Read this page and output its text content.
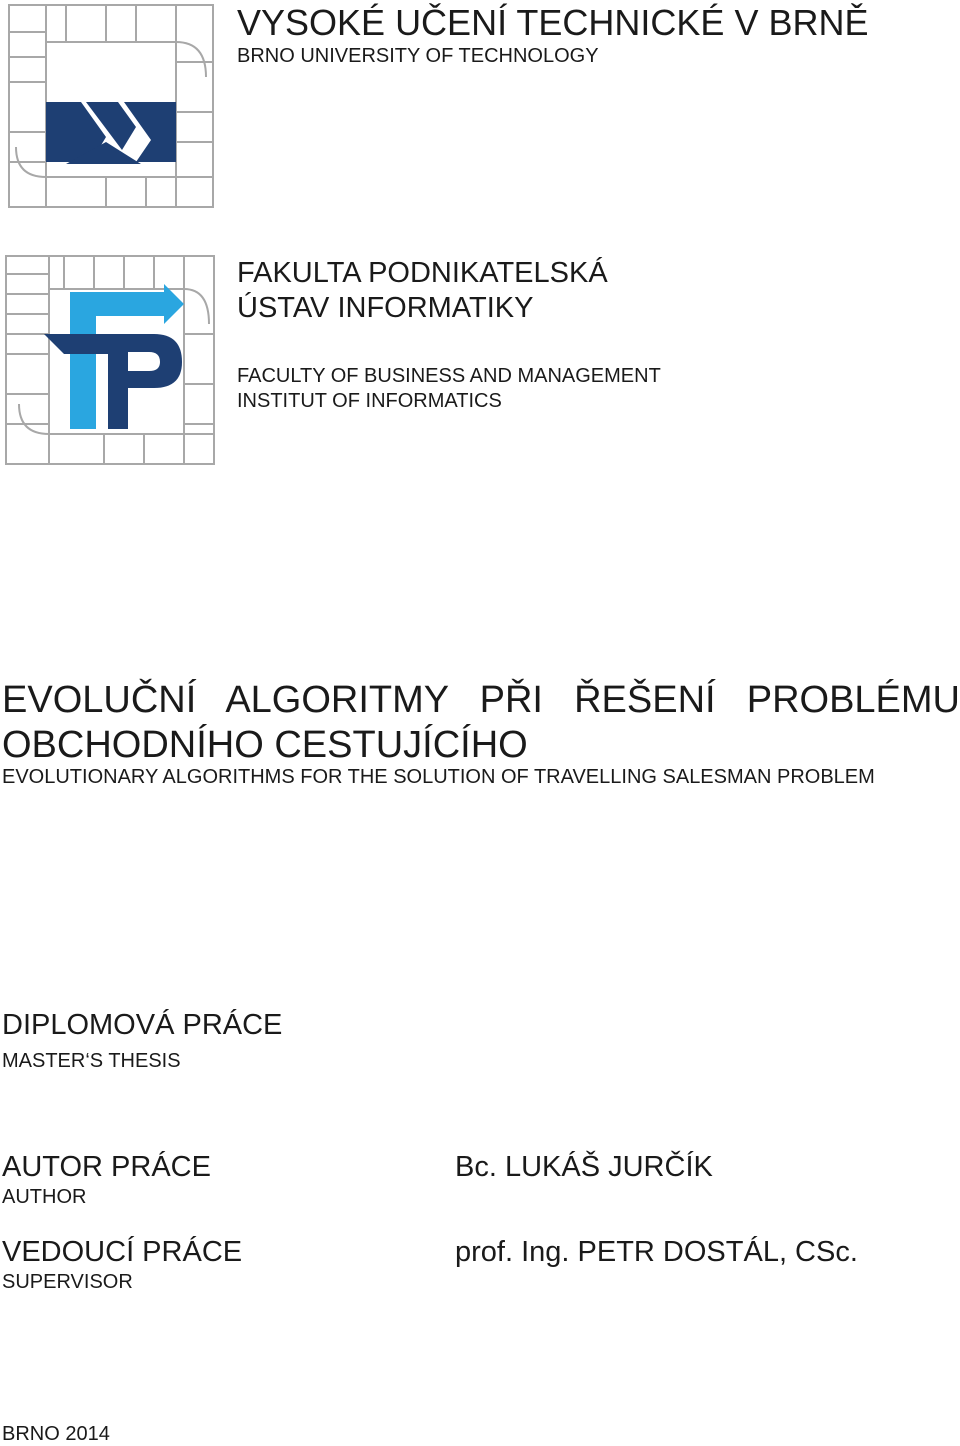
VYSOKÉ UČENÍ TECHNICKÉ V BRNĚ
BRNO UNIVERSITY OF TECHNOLOGY
FAKULTA PODNIKATELSKÁ
ÚSTAV INFORMATIKY
FACULTY OF BUSINESS AND MANAGEMENT
INSTITUT OF INFORMATICS
EVOLUČNÍ ALGORITMY PŘI ŘEŠENÍ PROBLÉMU
OBCHODNÍHO CESTUJÍCÍHO
EVOLUTIONARY ALGORITHMS FOR THE SOLUTION OF TRAVELLING SALESMAN PROBLEM
DIPLOMOVÁ PRÁCE
MASTER‘S THESIS
AUTOR PRÁCE
AUTHOR
Bc. LUKÁŠ JURČÍK
VEDOUCÍ PRÁCE
SUPERVISOR
prof. Ing. PETR DOSTÁL, CSc.
BRNO 2014
